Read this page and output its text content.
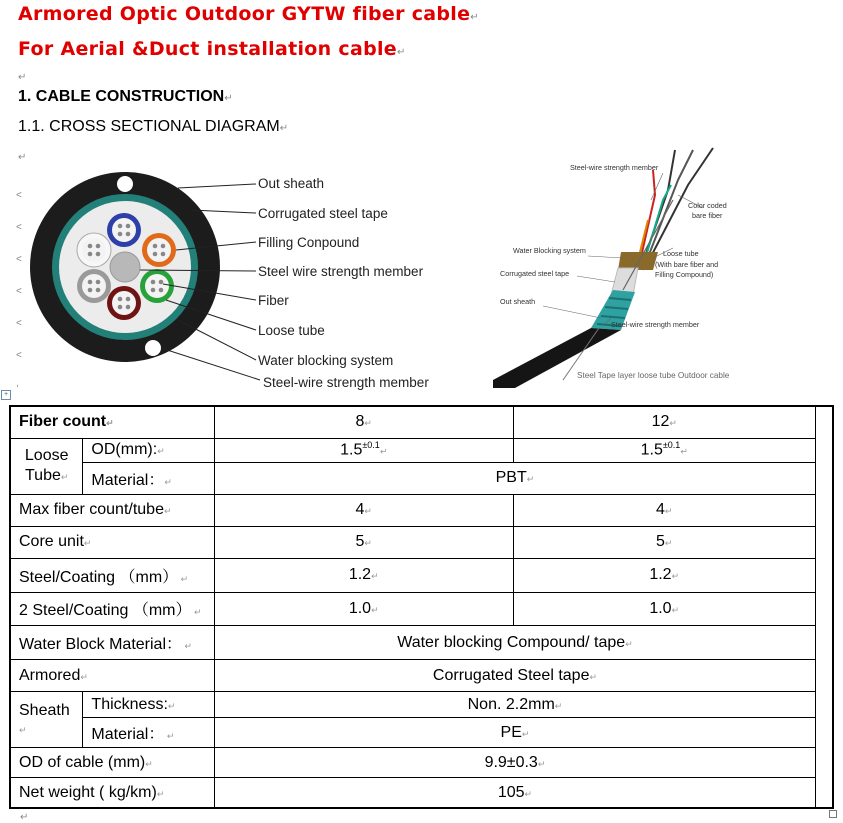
Armored Optic Outdoor GYTW fiber cable↵
For Aerial &Duct installation cable↵
↵
1. CABLE CONSTRUCTION↵
1.1. CROSS SECTIONAL DIAGRAM↵
↵
˂
˂
˂
˂
˂
˂
,
+
Out sheath
Corrugated steel tape
Filling Conpound
Steel wire strength member
Fiber
Loose tube
Water blocking system
Steel-wire strength member
Steel-wire strength member
Color coded
bare fiber
Water Blocking system	Loose tube
(With bare fiber and
Filling Compound)
Corrugated steel tape
Out sheath
Steel-wire strength member
Steel Tape layer loose tube Outdoor cable
Fiber count↵		8↵	12↵	
Loose
Tube↵	OD(mm):↵	$1.5^{\pm 0.1}↵$	$1.5^{\pm 0.1}↵$	
	Material：↵	PBT↵		
Max fiber count/tube↵		4↵	4↵	
Core unit↵		5↵	5↵	
Steel/Coating （mm） ↵		1.2↵	1.2↵	
2 Steel/Coating （mm） ↵		1.0↵	1.0↵	
Water Block Material： ↵		Water blocking Compound/ tape↵		
Armored↵		Corrugated Steel tape↵		
Sheath ↵	Thickness:↵	Non. 2.2mm↵		
	Material： ↵	PE↵		
OD of cable (mm)↵		9.9±0.3↵		
Net weight ( kg/km)↵		105↵		
↵
